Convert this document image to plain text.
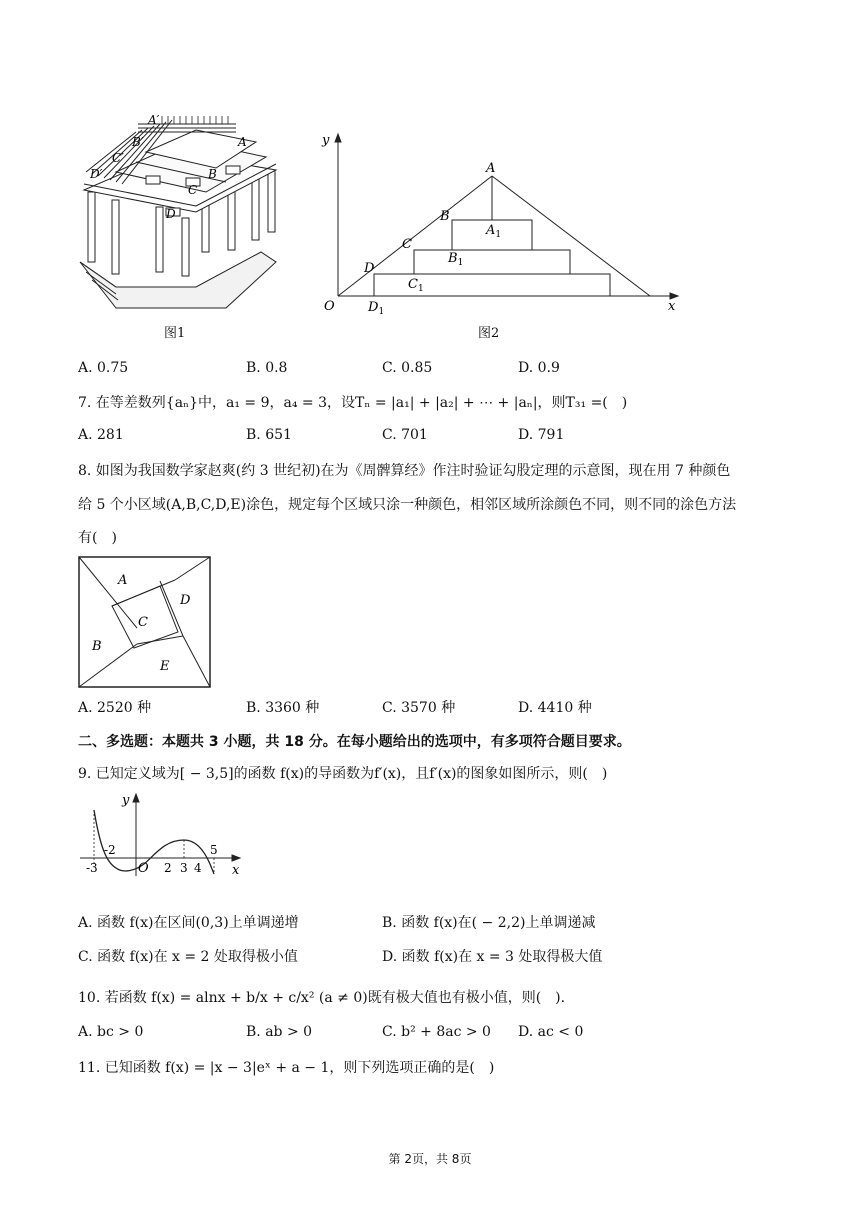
A′
A
B′
B
C′
C
D′
D
图1
y
x
O
A
B
C
D
$A_1$
$B_1$
$C_1$
$D_1$
图2
A. 0.75	B. 0.8	C. 0.85	D. 0.9
7. 在等差数列{aₙ}中，a₁ = 9，a₄ = 3，设Tₙ = |a₁| + |a₂| + ⋯ + |aₙ|，则T₃₁ =(　)
A. 281	B. 651	C. 701	D. 791
8. 如图为我国数学家赵爽(约 3 世纪初)在为《周髀算经》作注时验证勾股定理的示意图，现在用 7 种颜色
给 5 个小区域(A,B,C,D,E)涂色，规定每个区域只涂一种颜色，相邻区域所涂颜色不同，则不同的涂色方法
有(　)
A
B
C
D
E
A. 2520 种	B. 3360 种	C. 3570 种	D. 4410 种
二、多选题：本题共 3 小题，共 18 分。在每小题给出的选项中，有多项符合题目要求。
9. 已知定义域为[ − 3,5]的函数 f(x)的导函数为f′(x)，且f′(x)的图象如图所示，则(　)
y
x
O
-3
-2
2 3 4
5
A. 函数 f(x)在区间(0,3)上单调递增	B. 函数 f(x)在( − 2,2)上单调递减
C. 函数 f(x)在 x = 2 处取得极小值	D. 函数 f(x)在 x = 3 处取得极大值
10. 若函数 f(x) = alnx + b/x + c/x² (a ≠ 0)既有极大值也有极小值，则(　).
A. bc > 0	B. ab > 0	C. b² + 8ac > 0 D. ac < 0
11. 已知函数 f(x) = |x − 3|eˣ + a − 1，则下列选项正确的是(　)
第 2页，共 8页
